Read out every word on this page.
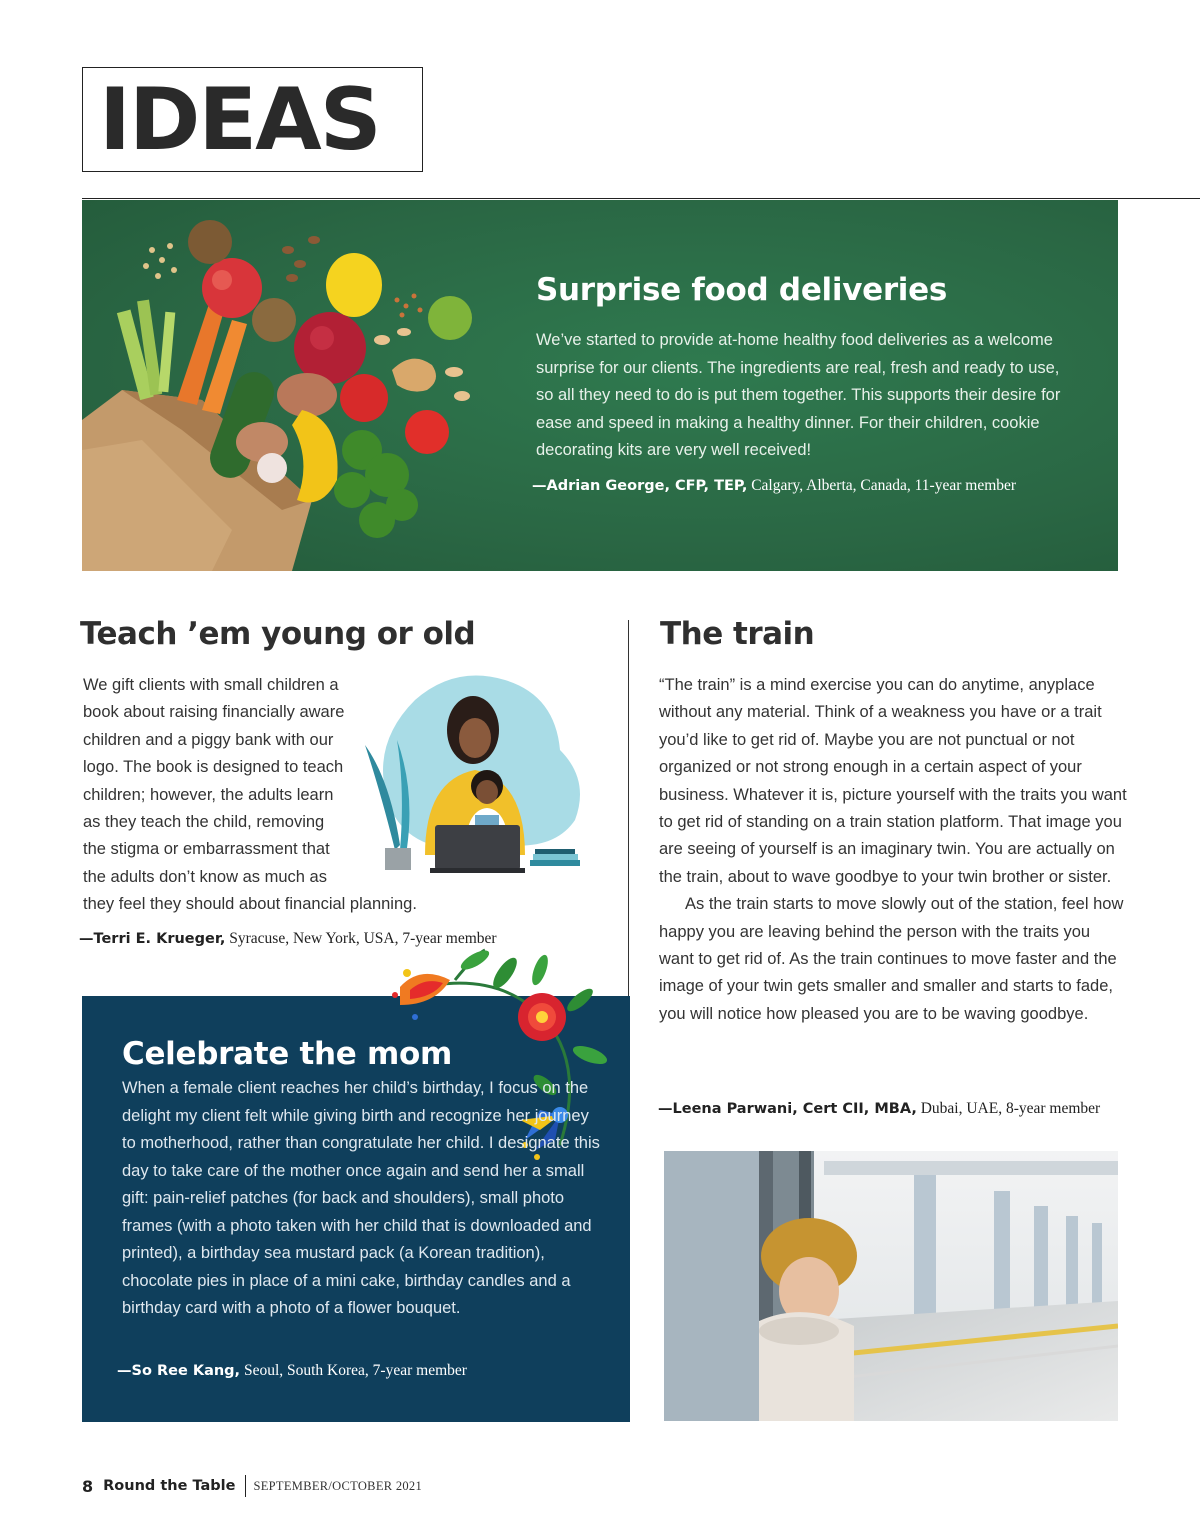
IDEAS
Surprise food deliveries
We’ve started to provide at-home healthy food deliveries as a welcome surprise for our clients. The ingredients are real, fresh and ready to use, so all they need to do is put them together. This supports their desire for ease and speed in making a healthy dinner. For their children, cookie decorating kits are very well received!
—Adrian George, CFP, TEP, Calgary, Alberta, Canada, 11-year member
Teach ’em young or old
We gift clients with small children a
book about raising financially aware
children and a piggy bank with our
logo. The book is designed to teach
children; however, the adults learn
as they teach the child, removing
the stigma or embarrassment that
the adults don’t know as much as
they feel they should about financial planning.
—Terri E. Krueger, Syracuse, New York, USA, 7-year member
Celebrate the mom
When a female client reaches her child’s birthday, I focus on the delight my client felt while giving birth and recognize her journey to motherhood, rather than congratulate her child. I designate this day to take care of the mother once again and send her a small gift: pain-relief patches (for back and shoulders), small photo frames (with a photo taken with her child that is downloaded and printed), a birthday sea mustard pack (a Korean tradition), chocolate pies in place of a mini cake, birthday candles and a birthday card with a photo of a flower bouquet.
—So Ree Kang, Seoul, South Korea, 7-year member
The train

“The train” is a mind exercise you can do anytime, anyplace without any material. Think of a weakness you have or a trait you’d like to get rid of. Maybe you are not punctual or not organized or not strong enough in a certain aspect of your business. Whatever it is, picture yourself with the traits you want to get rid of standing on a train station platform. That image you are seeing of yourself is an imaginary twin. You are actually on the train, about to wave goodbye to your twin brother or sister.

As the train starts to move slowly out of the station, feel how happy you are leaving behind the person with the traits you want to get rid of. As the train continues to move faster and the image of your twin gets smaller and smaller and starts to fade, you will notice how pleased you are to be waving goodbye.

—Leena Parwani, Cert CII, MBA, Dubai, UAE, 8-year member
8 Round the Table SEPTEMBER/OCTOBER 2021
